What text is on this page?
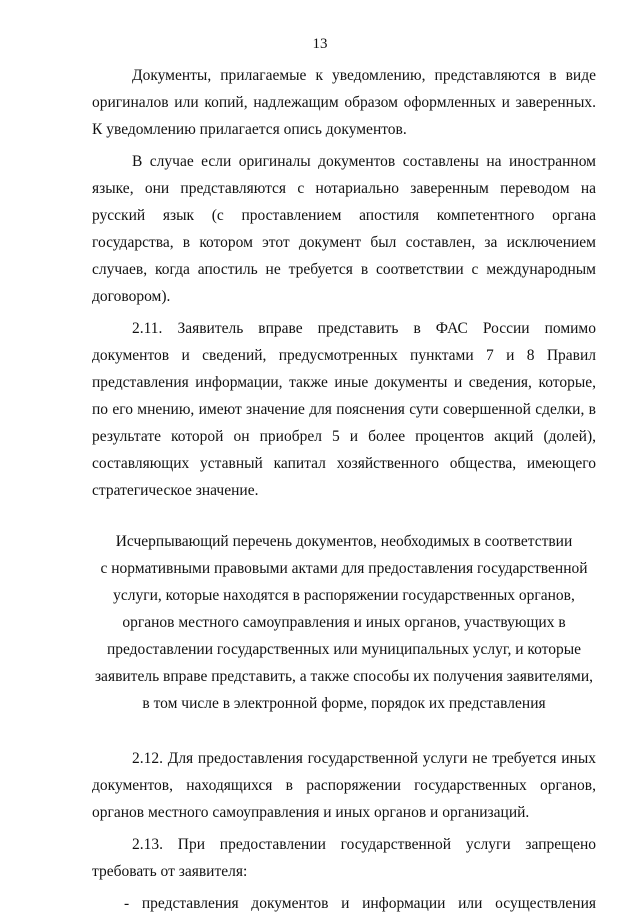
13

Документы, прилагаемые к уведомлению, представляются в виде оригиналов или копий, надлежащим образом оформленных и заверенных. К уведомлению прилагается опись документов.

В случае если оригиналы документов составлены на иностранном языке, они представляются с нотариально заверенным переводом на русский язык (с проставлением апостиля компетентного органа государства, в котором этот документ был составлен, за исключением случаев, когда апостиль не требуется в соответствии с международным договором).

2.11. Заявитель вправе представить в ФАС России помимо документов и сведений, предусмотренных пунктами 7 и 8 Правил представления информации, также иные документы и сведения, которые, по его мнению, имеют значение для пояснения сути совершенной сделки, в результате которой он приобрел 5 и более процентов акций (долей), составляющих уставный капитал хозяйственного общества, имеющего стратегическое значение.

Исчерпывающий перечень документов, необходимых в соответствии
с нормативными правовыми актами для предоставления государственной
услуги, которые находятся в распоряжении государственных органов,
органов местного самоуправления и иных органов, участвующих в
предоставлении государственных или муниципальных услуг, и которые
заявитель вправе представить, а также способы их получения заявителями,
в том числе в электронной форме, порядок их представления

2.12. Для предоставления государственной услуги не требуется иных документов, находящихся в распоряжении государственных органов, органов местного самоуправления и иных органов и организаций.

2.13. При предоставлении государственной услуги запрещено требовать от заявителя:

- представления документов и информации или осуществления
